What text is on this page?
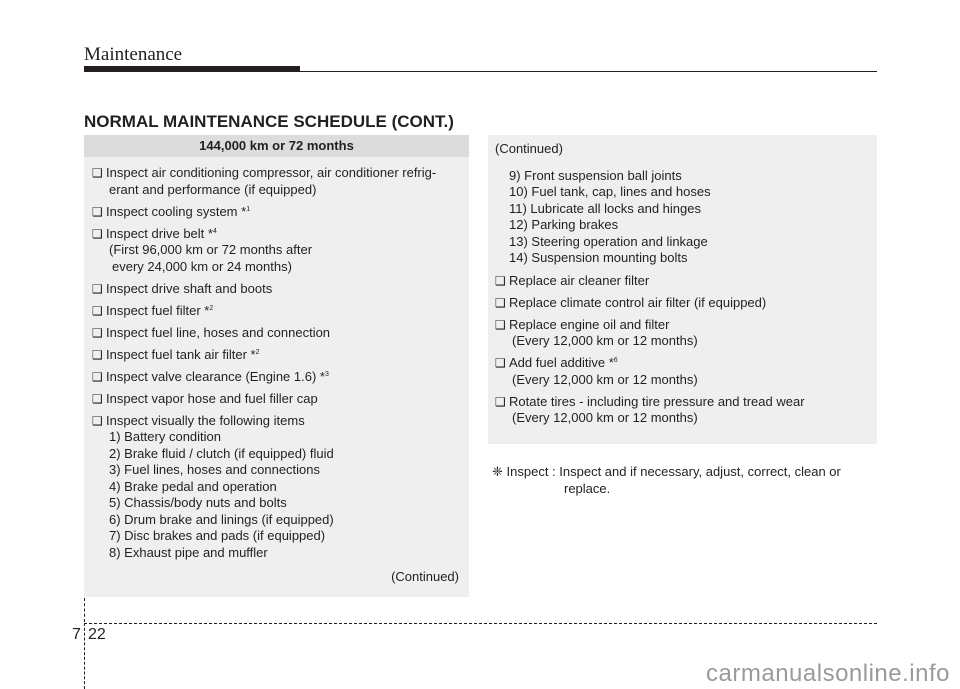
Maintenance
NORMAL MAINTENANCE SCHEDULE (CONT.)
144,000 km or 72 months
❑ Inspect air conditioning compressor, air conditioner refrig-
erant and performance (if equipped)
❑ Inspect cooling system *$^1$
❑ Inspect drive belt *$^4$
(First 96,000 km or 72 months after
every 24,000 km or 24 months)
❑ Inspect drive shaft and boots
❑ Inspect fuel filter *$^2$
❑ Inspect fuel line, hoses and connection
❑ Inspect fuel tank air filter *$^2$
❑ Inspect valve clearance (Engine 1.6) *$^3$
❑ Inspect vapor hose and fuel filler cap
❑ Inspect visually the following items
1) Battery condition
2) Brake fluid / clutch (if equipped) fluid
3) Fuel lines, hoses and connections
4) Brake pedal and operation
5) Chassis/body nuts and bolts
6) Drum brake and linings (if equipped)
7) Disc brakes and pads (if equipped)
8) Exhaust pipe and muffler
(Continued)
(Continued)
9) Front suspension ball joints
10) Fuel tank, cap, lines and hoses
11) Lubricate all locks and hinges
12) Parking brakes
13) Steering operation and linkage
14) Suspension mounting bolts
❑ Replace air cleaner filter
❑ Replace climate control air filter (if equipped)
❑ Replace engine oil and filter
(Every 12,000 km or 12 months)
❑ Add fuel additive *$^6$
(Every 12,000 km or 12 months)
❑ Rotate tires - including tire pressure and tread wear
(Every 12,000 km or 12 months)
❈ Inspect : Inspect and if necessary, adjust, correct, clean or
replace.
7 22
carmanualsonline.info
